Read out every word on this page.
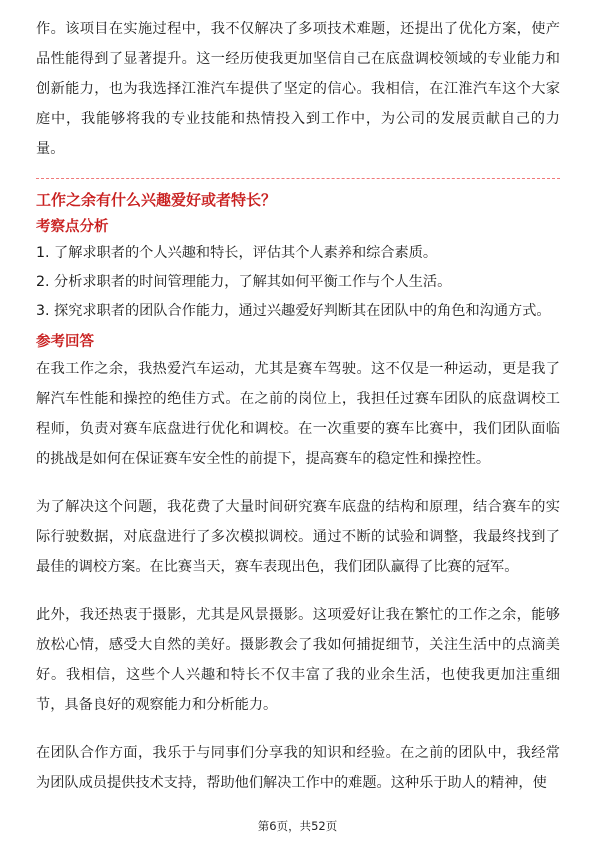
作。该项目在实施过程中，我不仅解决了多项技术难题，还提出了优化方案，使产品性能得到了显著提升。这一经历使我更加坚信自己在底盘调校领域的专业能力和创新能力，也为我选择江淮汽车提供了坚定的信心。我相信，在江淮汽车这个大家庭中，我能够将我的专业技能和热情投入到工作中，为公司的发展贡献自己的力量。

工作之余有什么兴趣爱好或者特长？

考察点分析

1. 了解求职者的个人兴趣和特长，评估其个人素养和综合素质。

2. 分析求职者的时间管理能力，了解其如何平衡工作与个人生活。

3. 探究求职者的团队合作能力，通过兴趣爱好判断其在团队中的角色和沟通方式。

参考回答

在我工作之余，我热爱汽车运动，尤其是赛车驾驶。这不仅是一种运动，更是我了解汽车性能和操控的绝佳方式。在之前的岗位上，我担任过赛车团队的底盘调校工程师，负责对赛车底盘进行优化和调校。在一次重要的赛车比赛中，我们团队面临的挑战是如何在保证赛车安全性的前提下，提高赛车的稳定性和操控性。

为了解决这个问题，我花费了大量时间研究赛车底盘的结构和原理，结合赛车的实际行驶数据，对底盘进行了多次模拟调校。通过不断的试验和调整，我最终找到了最佳的调校方案。在比赛当天，赛车表现出色，我们团队赢得了比赛的冠军。

此外，我还热衷于摄影，尤其是风景摄影。这项爱好让我在繁忙的工作之余，能够放松心情，感受大自然的美好。摄影教会了我如何捕捉细节，关注生活中的点滴美好。我相信，这些个人兴趣和特长不仅丰富了我的业余生活，也使我更加注重细节，具备良好的观察能力和分析能力。

在团队合作方面，我乐于与同事们分享我的知识和经验。在之前的团队中，我经常为团队成员提供技术支持，帮助他们解决工作中的难题。这种乐于助人的精神，使

第6页，共52页
